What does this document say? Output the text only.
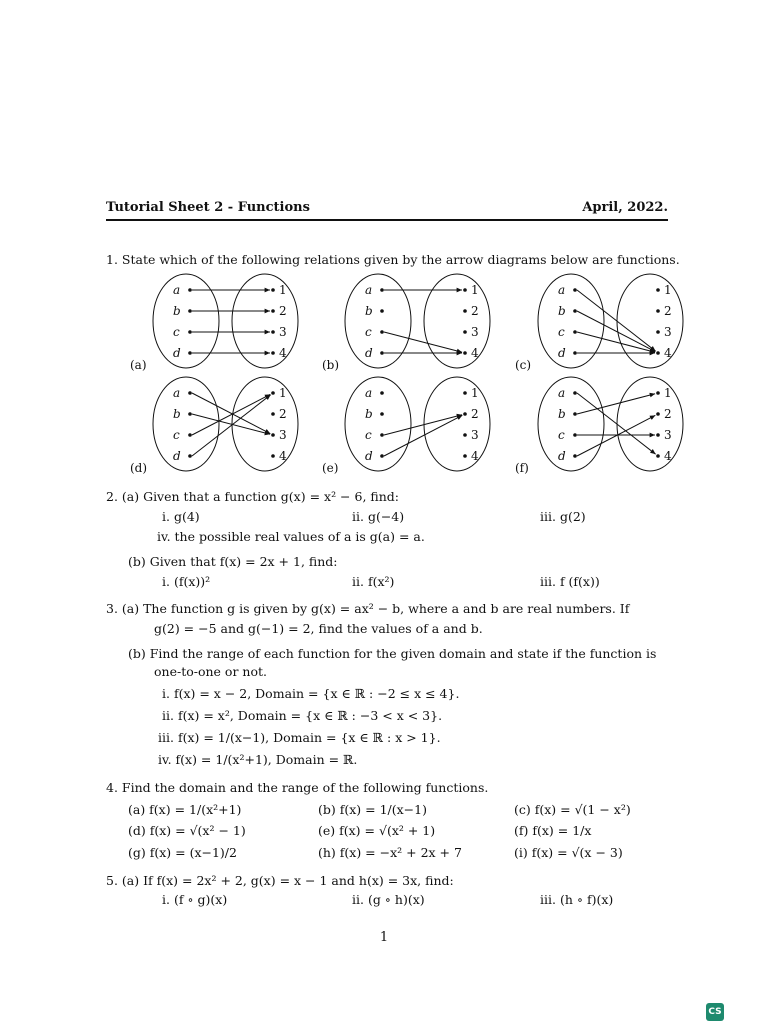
Tutorial Sheet 2 - Functions	April, 2022.
1. State which of the following relations given by the arrow diagrams below are functions.
(a)
a
b
c
d
1
2
3
4
(b)
a
b
c
d
1
2
3
4
(c)
a
b
c
d
1
2
3
4
(d)
a
b
c
d
1
2
3
4
(e)
a
b
c
d
1
2
3
4
(f)
a
b
c
d
1
2
3
4
2. (a) Given that a function g(x) = x² − 6, find:
i. g(4)	ii. g(−4)	iii. g(2)
iv. the possible real values of a is g(a) = a.
(b) Given that f(x) = 2x + 1, find:
i. (f(x))²	ii. f(x²)	iii. f (f(x))
3. (a) The function g is given by g(x) = ax² − b, where a and b are real numbers. If
g(2) = −5 and g(−1) = 2, find the values of a and b.
(b) Find the range of each function for the given domain and state if the function is
one-to-one or not.
i. f(x) = x − 2, Domain = {x ∈ ℝ : −2 ≤ x ≤ 4}.
ii. f(x) = x², Domain = {x ∈ ℝ : −3 < x < 3}.
iii. f(x) = 1/(x−1), Domain = {x ∈ ℝ : x > 1}.
iv. f(x) = 1/(x²+1), Domain = ℝ.
4. Find the domain and the range of the following functions.
(a) f(x) = 1/(x²+1)	(b) f(x) = 1/(x−1)	(c) f(x) = √(1 − x²)
(d) f(x) = √(x² − 1)	(e) f(x) = √(x² + 1)	(f) f(x) = 1/x
(g) f(x) = (x−1)/2	(h) f(x) = −x² + 2x + 7	(i) f(x) = √(x − 3)
5. (a) If f(x) = 2x² + 2, g(x) = x − 1 and h(x) = 3x, find:
i. (f ∘ g)(x)	ii. (g ∘ h)(x)	iii. (h ∘ f)(x)
1
CS
